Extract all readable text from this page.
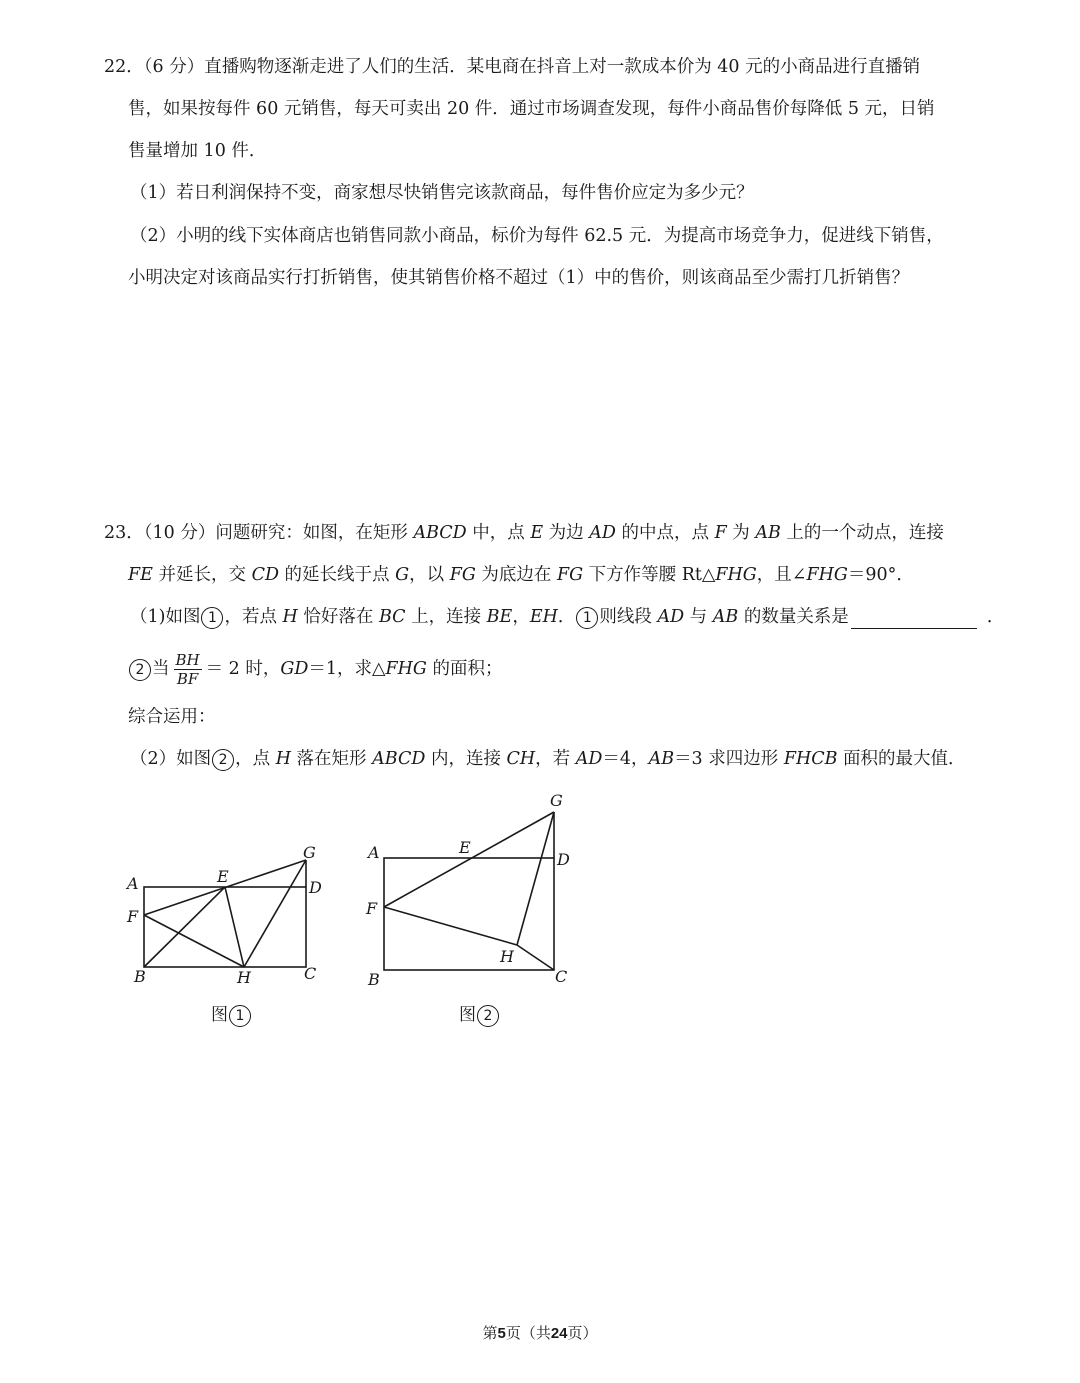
22．（6 分）直播购物逐渐走进了人们的生活．某电商在抖音上对一款成本价为 40 元的小商品进行直播销
售，如果按每件 60 元销售，每天可卖出 20 件．通过市场调查发现，每件小商品售价每降低 5 元，日销
售量增加 10 件．
（1）若日利润保持不变，商家想尽快销售完该款商品，每件售价应定为多少元？
（2）小明的线下实体商店也销售同款小商品，标价为每件 62.5 元．为提高市场竞争力，促进线下销售，
小明决定对该商品实行打折销售，使其销售价格不超过（1）中的售价，则该商品至少需打几折销售？
23．（10 分）问题研究：如图，在矩形 ABCD 中，点 E 为边 AD 的中点，点 F 为 AB 上的一个动点，连接
FE 并延长，交 CD 的延长线于点 G，以 FG 为底边在 FG 下方作等腰 Rt△FHG，且∠FHG＝90°．
（1)如图 1 ，若点 H 恰好落在 BC 上，连接 BE，EH． 1 则线段 AD 与 AB 的数量关系是	．
2 当 $\frac{BH}{BF} = 2$ 时，GD＝1，求△FHG 的面积；
综合运用：
（2）如图 2 ，点 H 落在矩形 ABCD 内，连接 CH，若 AD＝4，AB＝3 求四边形 FHCB 面积的最大值．
A	E
G
D
F
B	H	C
图 1
G
A	E
D
F
H
B	C
图 2
第5页（共24页）
